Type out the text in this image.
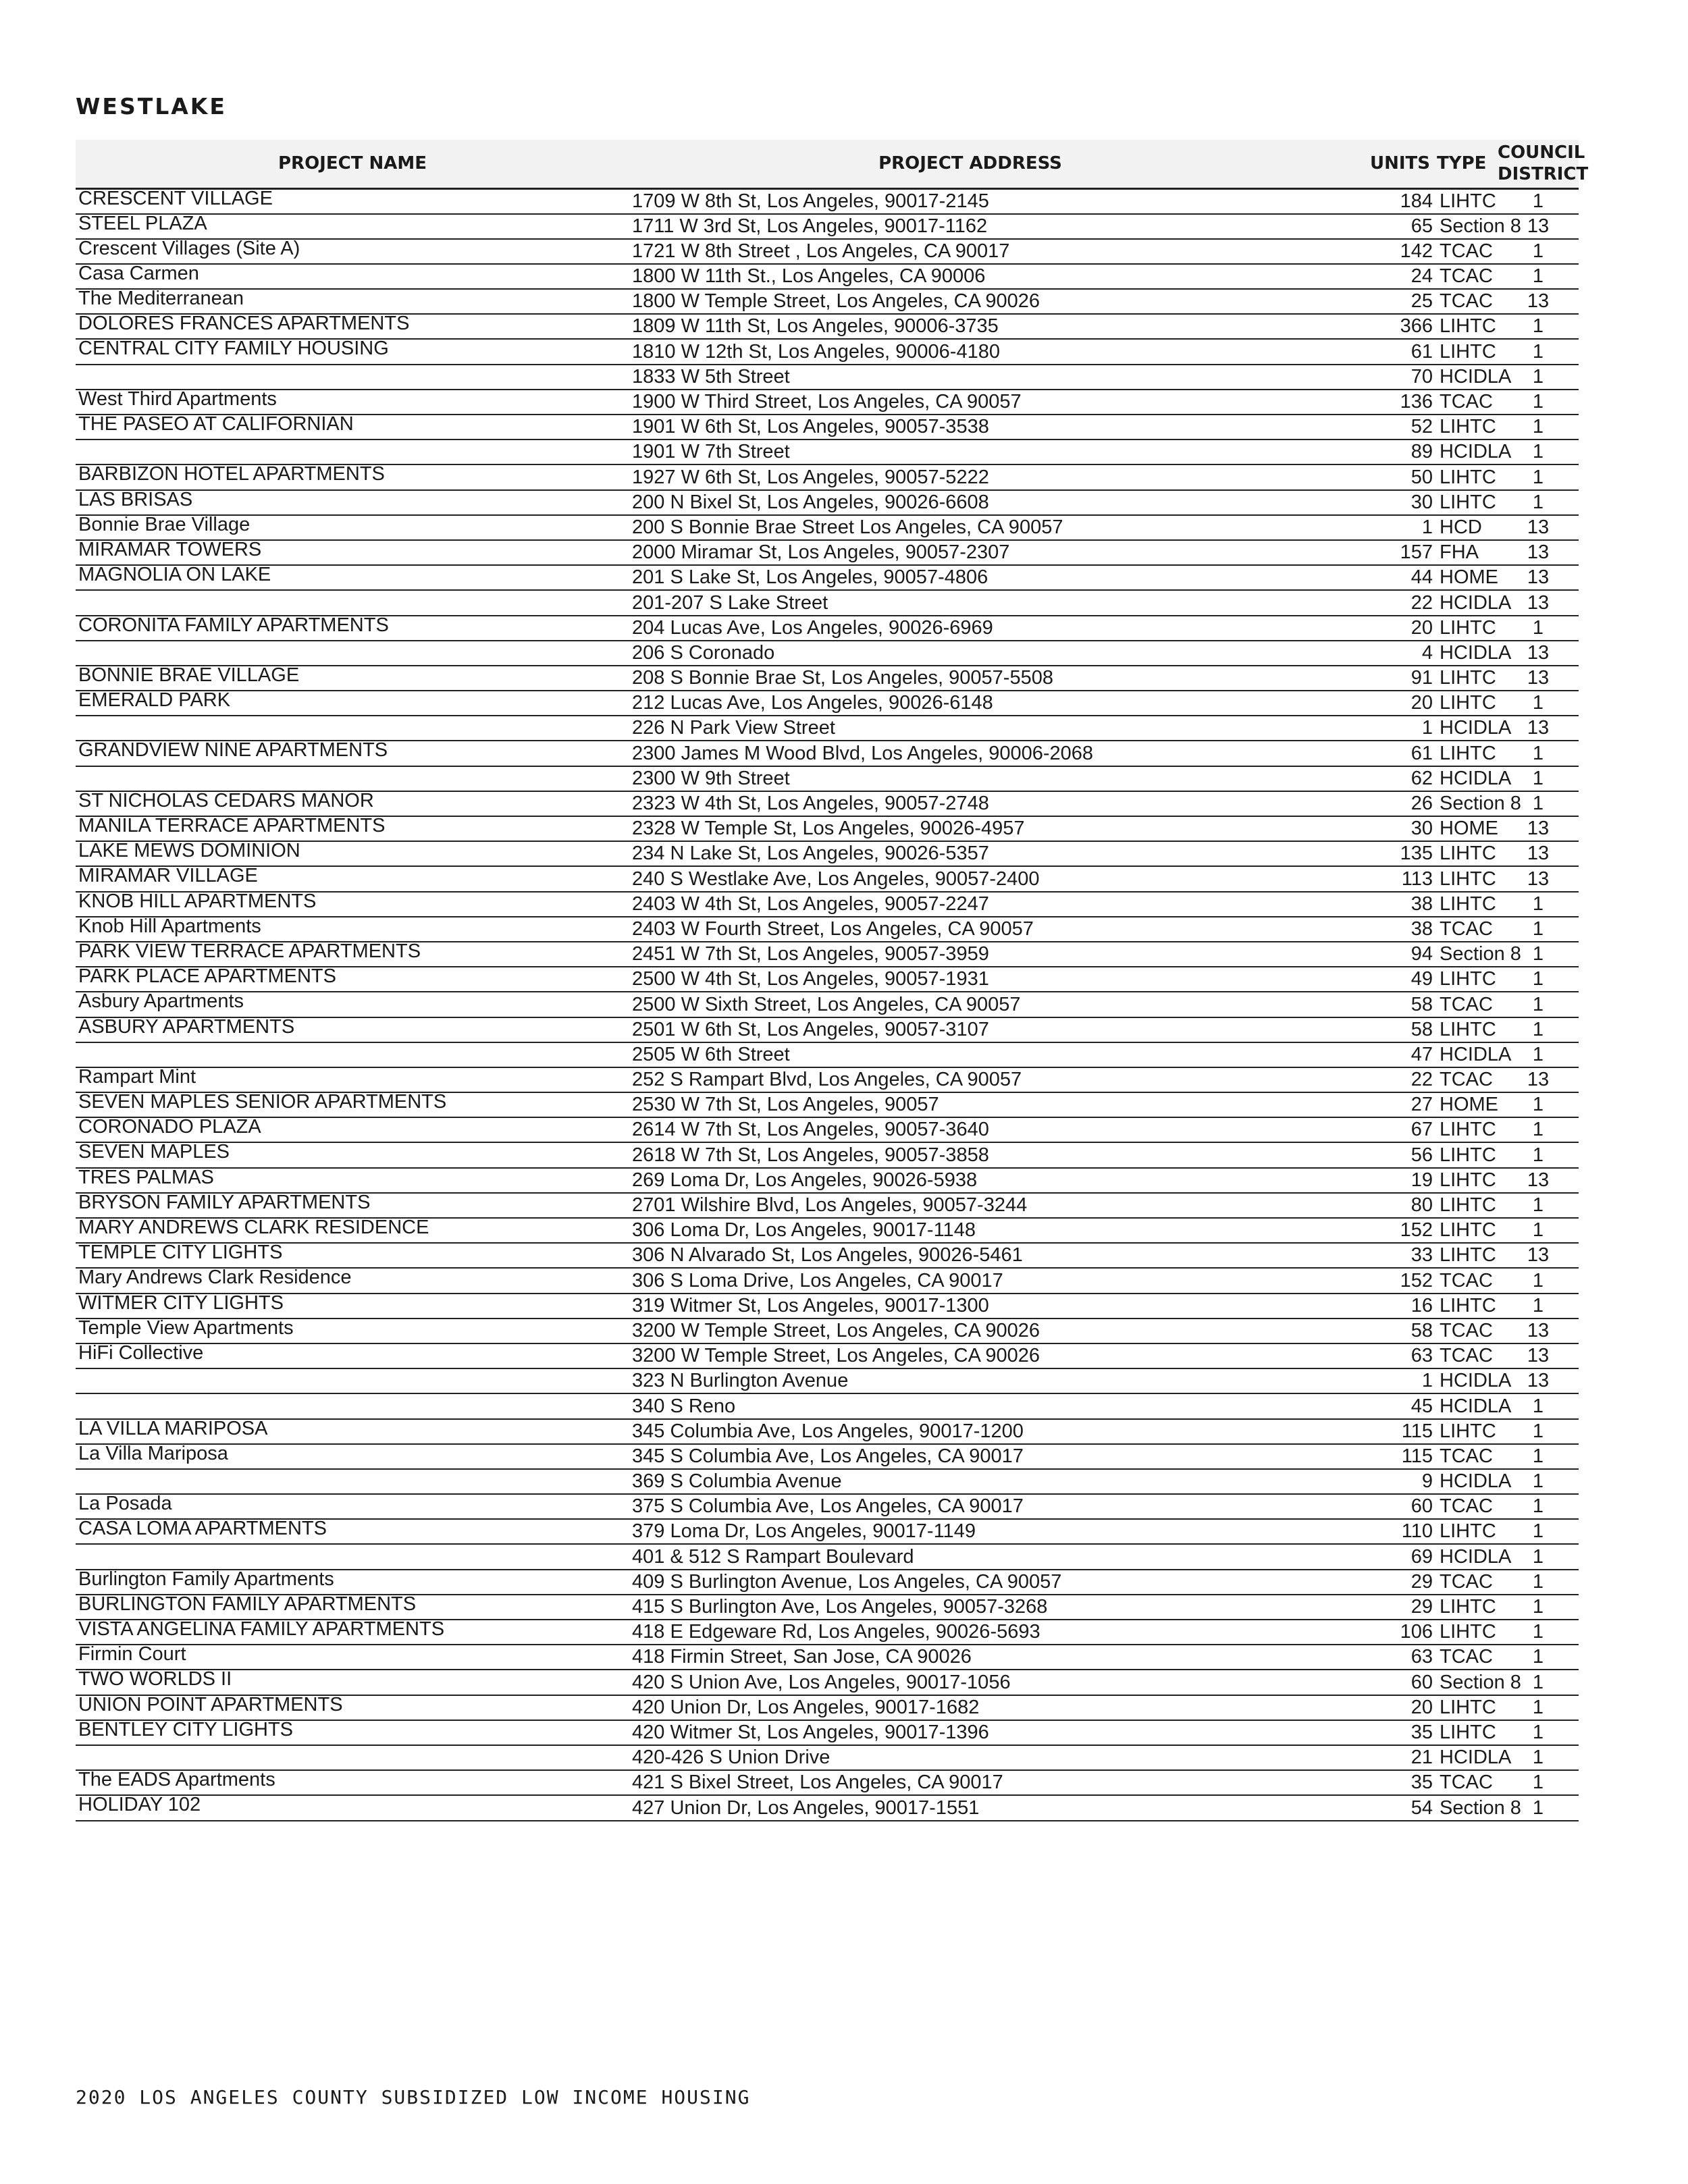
WESTLAKE
PROJECT NAME	PROJECT ADDRESS	UNITS	TYPE	COUNCIL DISTRICT
CRESCENT VILLAGE	1709 W 8th St, Los Angeles, 90017-2145	184	LIHTC	1
STEEL PLAZA	1711 W 3rd St, Los Angeles, 90017-1162	65	Section 8	13
Crescent Villages (Site A)	1721 W 8th Street , Los Angeles, CA 90017	142	TCAC	1
Casa Carmen	1800 W 11th St., Los Angeles, CA 90006	24	TCAC	1
The Mediterranean	1800 W Temple Street, Los Angeles, CA 90026	25	TCAC	13
DOLORES FRANCES APARTMENTS	1809 W 11th St, Los Angeles, 90006-3735	366	LIHTC	1
CENTRAL CITY FAMILY HOUSING	1810 W 12th St, Los Angeles, 90006-4180	61	LIHTC	1
	1833 W 5th Street	70	HCIDLA	1
West Third Apartments	1900 W Third Street, Los Angeles, CA 90057	136	TCAC	1
THE PASEO AT CALIFORNIAN	1901 W 6th St, Los Angeles, 90057-3538	52	LIHTC	1
	1901 W 7th Street	89	HCIDLA	1
BARBIZON HOTEL APARTMENTS	1927 W 6th St, Los Angeles, 90057-5222	50	LIHTC	1
LAS BRISAS	200 N Bixel St, Los Angeles, 90026-6608	30	LIHTC	1
Bonnie Brae Village	200 S Bonnie Brae Street Los Angeles, CA 90057	1	HCD	13
MIRAMAR TOWERS	2000 Miramar St, Los Angeles, 90057-2307	157	FHA	13
MAGNOLIA ON LAKE	201 S Lake St, Los Angeles, 90057-4806	44	HOME	13
	201-207 S Lake Street	22	HCIDLA	13
CORONITA FAMILY APARTMENTS	204 Lucas Ave, Los Angeles, 90026-6969	20	LIHTC	1
	206 S Coronado	4	HCIDLA	13
BONNIE BRAE VILLAGE	208 S Bonnie Brae St, Los Angeles, 90057-5508	91	LIHTC	13
EMERALD PARK	212 Lucas Ave, Los Angeles, 90026-6148	20	LIHTC	1
	226 N Park View Street	1	HCIDLA	13
GRANDVIEW NINE APARTMENTS	2300 James M Wood Blvd, Los Angeles, 90006-2068	61	LIHTC	1
	2300 W 9th Street	62	HCIDLA	1
ST NICHOLAS CEDARS MANOR	2323 W 4th St, Los Angeles, 90057-2748	26	Section 8	1
MANILA TERRACE APARTMENTS	2328 W Temple St, Los Angeles, 90026-4957	30	HOME	13
LAKE MEWS DOMINION	234 N Lake St, Los Angeles, 90026-5357	135	LIHTC	13
MIRAMAR VILLAGE	240 S Westlake Ave, Los Angeles, 90057-2400	113	LIHTC	13
KNOB HILL APARTMENTS	2403 W 4th St, Los Angeles, 90057-2247	38	LIHTC	1
Knob Hill Apartments	2403 W Fourth Street, Los Angeles, CA 90057	38	TCAC	1
PARK VIEW TERRACE APARTMENTS	2451 W 7th St, Los Angeles, 90057-3959	94	Section 8	1
PARK PLACE APARTMENTS	2500 W 4th St, Los Angeles, 90057-1931	49	LIHTC	1
Asbury Apartments	2500 W Sixth Street, Los Angeles, CA 90057	58	TCAC	1
ASBURY APARTMENTS	2501 W 6th St, Los Angeles, 90057-3107	58	LIHTC	1
	2505 W 6th Street	47	HCIDLA	1
Rampart Mint	252 S Rampart Blvd, Los Angeles, CA 90057	22	TCAC	13
SEVEN MAPLES SENIOR APARTMENTS	2530 W 7th St, Los Angeles, 90057	27	HOME	1
CORONADO PLAZA	2614 W 7th St, Los Angeles, 90057-3640	67	LIHTC	1
SEVEN MAPLES	2618 W 7th St, Los Angeles, 90057-3858	56	LIHTC	1
TRES PALMAS	269 Loma Dr, Los Angeles, 90026-5938	19	LIHTC	13
BRYSON FAMILY APARTMENTS	2701 Wilshire Blvd, Los Angeles, 90057-3244	80	LIHTC	1
MARY ANDREWS CLARK RESIDENCE	306 Loma Dr, Los Angeles, 90017-1148	152	LIHTC	1
TEMPLE CITY LIGHTS	306 N Alvarado St, Los Angeles, 90026-5461	33	LIHTC	13
Mary Andrews Clark Residence	306 S Loma Drive, Los Angeles, CA 90017	152	TCAC	1
WITMER CITY LIGHTS	319 Witmer St, Los Angeles, 90017-1300	16	LIHTC	1
Temple View Apartments	3200 W Temple Street, Los Angeles, CA 90026	58	TCAC	13
HiFi Collective	3200 W Temple Street, Los Angeles, CA 90026	63	TCAC	13
	323 N Burlington Avenue	1	HCIDLA	13
	340 S Reno	45	HCIDLA	1
LA VILLA MARIPOSA	345 Columbia Ave, Los Angeles, 90017-1200	115	LIHTC	1
La Villa Mariposa	345 S Columbia Ave, Los Angeles, CA 90017	115	TCAC	1
	369 S Columbia Avenue	9	HCIDLA	1
La Posada	375 S Columbia Ave, Los Angeles, CA 90017	60	TCAC	1
CASA LOMA APARTMENTS	379 Loma Dr, Los Angeles, 90017-1149	110	LIHTC	1
	401 & 512 S Rampart Boulevard	69	HCIDLA	1
Burlington Family Apartments	409 S Burlington Avenue, Los Angeles, CA 90057	29	TCAC	1
BURLINGTON FAMILY APARTMENTS	415 S Burlington Ave, Los Angeles, 90057-3268	29	LIHTC	1
VISTA ANGELINA FAMILY APARTMENTS	418 E Edgeware Rd, Los Angeles, 90026-5693	106	LIHTC	1
Firmin Court	418 Firmin Street, San Jose, CA 90026	63	TCAC	1
TWO WORLDS II	420 S Union Ave, Los Angeles, 90017-1056	60	Section 8	1
UNION POINT APARTMENTS	420 Union Dr, Los Angeles, 90017-1682	20	LIHTC	1
BENTLEY CITY LIGHTS	420 Witmer St, Los Angeles, 90017-1396	35	LIHTC	1
	420-426 S Union Drive	21	HCIDLA	1
The EADS Apartments	421 S Bixel Street, Los Angeles, CA 90017	35	TCAC	1
HOLIDAY 102	427 Union Dr, Los Angeles, 90017-1551	54	Section 8	1
2020 LOS ANGELES COUNTY SUBSIDIZED LOW INCOME HOUSING
